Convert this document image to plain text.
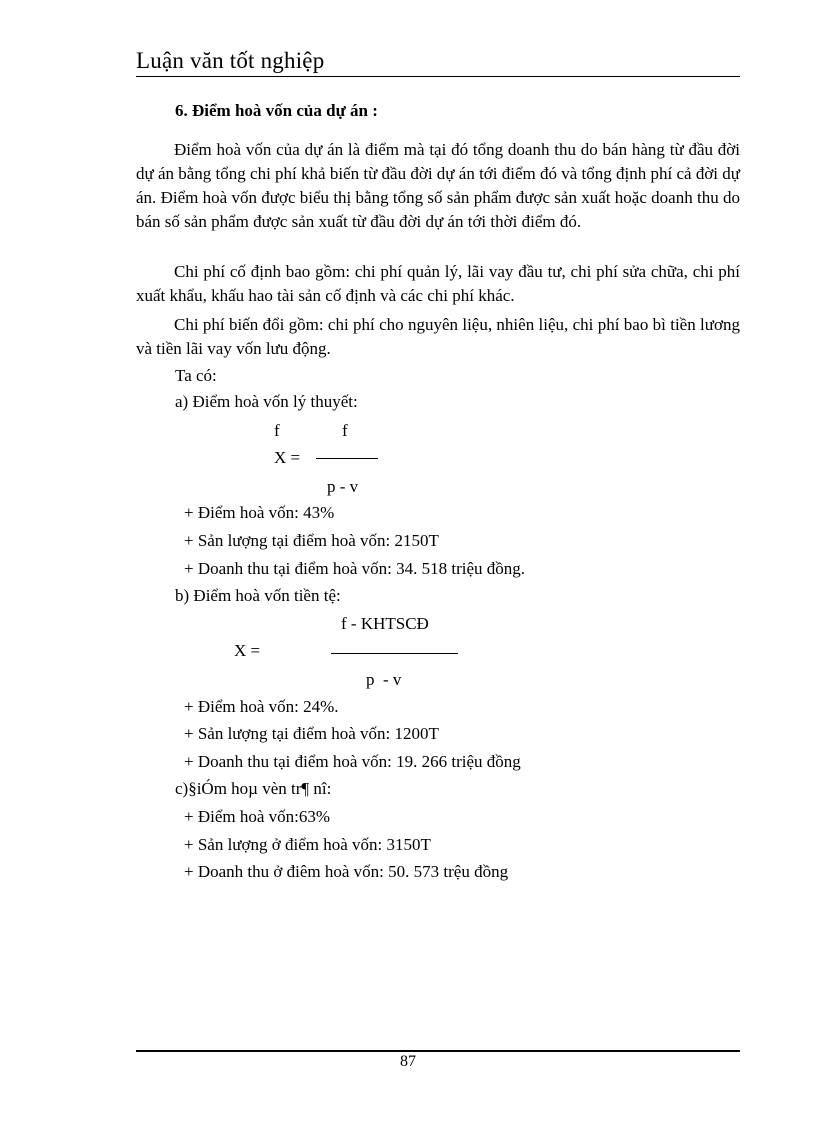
Luận văn tốt nghiệp
6. Điểm hoà vốn của dự án :
Điểm hoà vốn của dự án là điểm mà tại đó tổng doanh thu do bán hàng từ đầu đời dự án bằng tổng chi phí khả biến từ đầu đời dự án tới điểm đó và tổng định phí cả đời dự án. Điểm hoà vốn được biểu thị bằng tổng số sản phẩm được sản xuất hoặc doanh thu do bán số sản phẩm được sản xuất từ đầu đời dự án tới thời điểm đó.
Chi phí cố định bao gồm: chi phí quản lý, lãi vay đầu tư, chi phí sửa chữa, chi phí xuất khẩu, khấu hao tài sản cố định và các chi phí khác.
Chi phí biến đổi gồm: chi phí cho nguyên liệu, nhiên liệu, chi phí bao bì tiền lương và tiền lãi vay vốn lưu động.
Ta có:
a) Điểm hoà vốn lý thuyết:
f	f
X =
p - v
+ Điểm hoà vốn: 43%
+ Sản lượng tại điểm hoà vốn: 2150T
+ Doanh thu tại điểm hoà vốn: 34. 518 triệu đồng.
b) Điểm hoà vốn tiền tệ:
f - KHTSCĐ
X =
p  - v
+ Điểm hoà vốn: 24%.
+ Sản lượng tại điểm hoà vốn: 1200T
+ Doanh thu tại điểm hoà vốn: 19. 266 triệu đồng
c)§iÓm hoµ vèn tr¶ nî:
+ Điểm hoà vốn:63%
+ Sản lượng ở điểm hoà vốn: 3150T
+ Doanh thu ở điêm hoà vốn: 50. 573 trệu đồng
87
